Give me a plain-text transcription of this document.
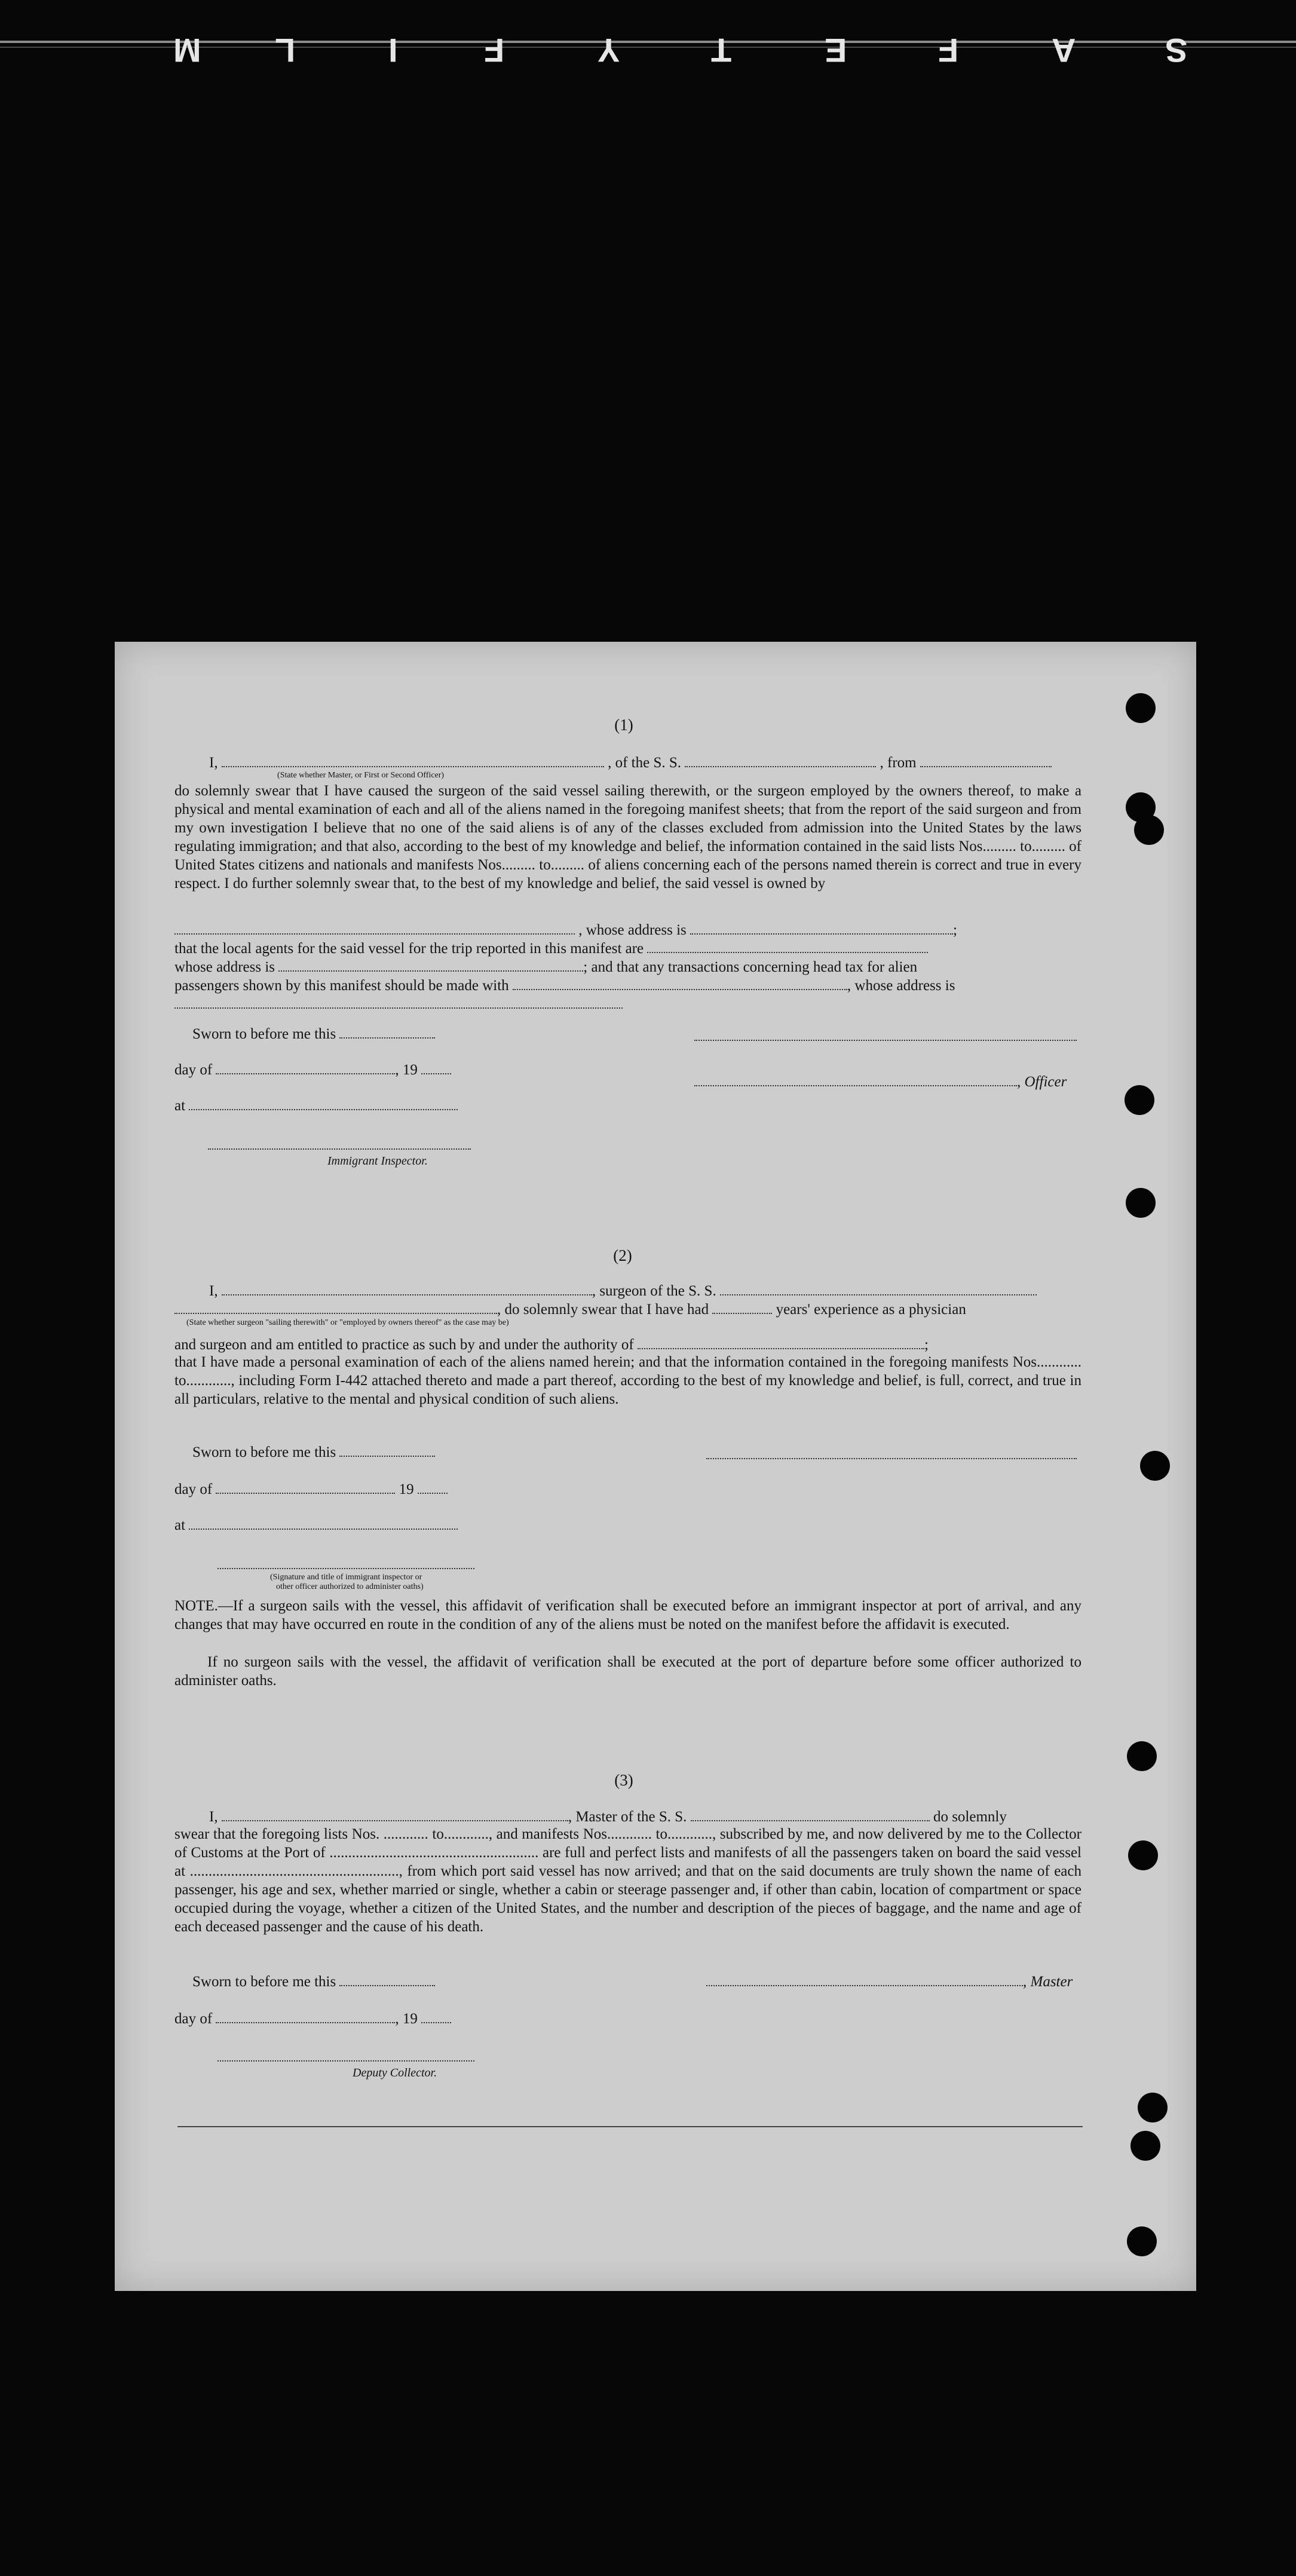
S
A
F
E
T
Y
F
I
L
M
(1)
I,	, of the S. S.	, from
(State whether Master, or First or Second Officer)
do solemnly swear that I have caused the surgeon of the said vessel sailing therewith, or the surgeon employed by the owners thereof, to make a physical and mental examination of each and all of the aliens named in the foregoing manifest sheets; that from the report of the said surgeon and from my own investigation I believe that no one of the said aliens is of any of the classes excluded from admission into the United States by the laws regulating immigration; and that also, according to the best of my knowledge and belief, the information contained in the said lists Nos......... to......... of United States citizens and nationals and manifests Nos......... to......... of aliens concerning each of the persons named therein is correct and true in every respect. I do further solemnly swear that, to the best of my knowledge and belief, the said vessel is owned by
, whose address is	;
that the local agents for the said vessel for the trip reported in this manifest are
whose address is	; and that any transactions concerning head tax for alien
passengers shown by this manifest should be made with	, whose address is
Sworn to before me this
day of	, 19
, Officer
at
Immigrant Inspector.
(2)
I,	, surgeon of the S. S.
, do solemnly swear that I have had	years' experience as a physician
(State whether surgeon "sailing therewith" or "employed by owners thereof" as the case may be)
and surgeon and am entitled to practice as such by and under the authority of	;
that I have made a personal examination of each of the aliens named herein; and that the information contained in the foregoing manifests Nos............ to............, including Form I-442 attached thereto and made a part thereof, according to the best of my knowledge and belief, is full, correct, and true in all particulars, relative to the mental and physical condition of such aliens.
Sworn to before me this
day of	19
at
(Signature and title of immigrant inspector or
other officer authorized to administer oaths)
NOTE.—If a surgeon sails with the vessel, this affidavit of verification shall be executed before an immigrant inspector at port of arrival, and any changes that may have occurred en route in the condition of any of the aliens must be noted on the manifest before the affidavit is executed.
If no surgeon sails with the vessel, the affidavit of verification shall be executed at the port of departure before some officer authorized to administer oaths.
(3)
I,	, Master of the S. S.	do solemnly
swear that the foregoing lists Nos. ............ to............, and manifests Nos............ to............, subscribed by me, and now delivered by me to the Collector of Customs at the Port of ........................................................ are full and perfect lists and manifests of all the passengers taken on board the said vessel at ........................................................, from which port said vessel has now arrived; and that on the said documents are truly shown the name of each passenger, his age and sex, whether married or single, whether a cabin or steerage passenger and, if other than cabin, location of compartment or space occupied during the voyage, whether a citizen of the United States, and the number and description of the pieces of baggage, and the name and age of each deceased passenger and the cause of his death.
Sworn to before me this	, Master
day of	, 19
Deputy Collector.
